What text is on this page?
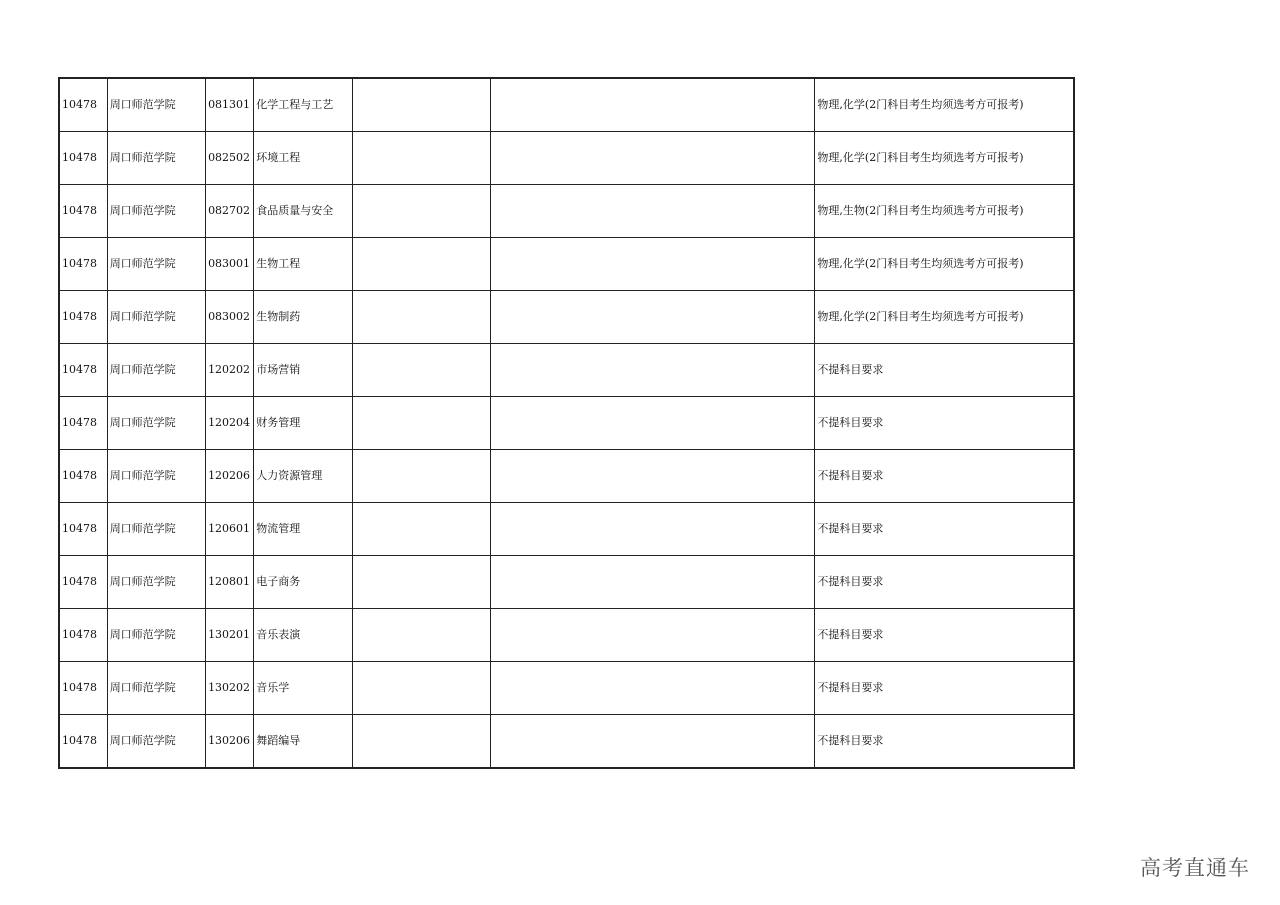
10478	周口师范学院	081301	化学工程与工艺			物理,化学(2门科目考生均须选考方可报考)
10478	周口师范学院	082502	环境工程			物理,化学(2门科目考生均须选考方可报考)
10478	周口师范学院	082702	食品质量与安全			物理,生物(2门科目考生均须选考方可报考)
10478	周口师范学院	083001	生物工程			物理,化学(2门科目考生均须选考方可报考)
10478	周口师范学院	083002	生物制药			物理,化学(2门科目考生均须选考方可报考)
10478	周口师范学院	120202	市场营销			不提科目要求
10478	周口师范学院	120204	财务管理			不提科目要求
10478	周口师范学院	120206	人力资源管理			不提科目要求
10478	周口师范学院	120601	物流管理			不提科目要求
10478	周口师范学院	120801	电子商务			不提科目要求
10478	周口师范学院	130201	音乐表演			不提科目要求
10478	周口师范学院	130202	音乐学			不提科目要求
10478	周口师范学院	130206	舞蹈编导			不提科目要求
高考直通车
